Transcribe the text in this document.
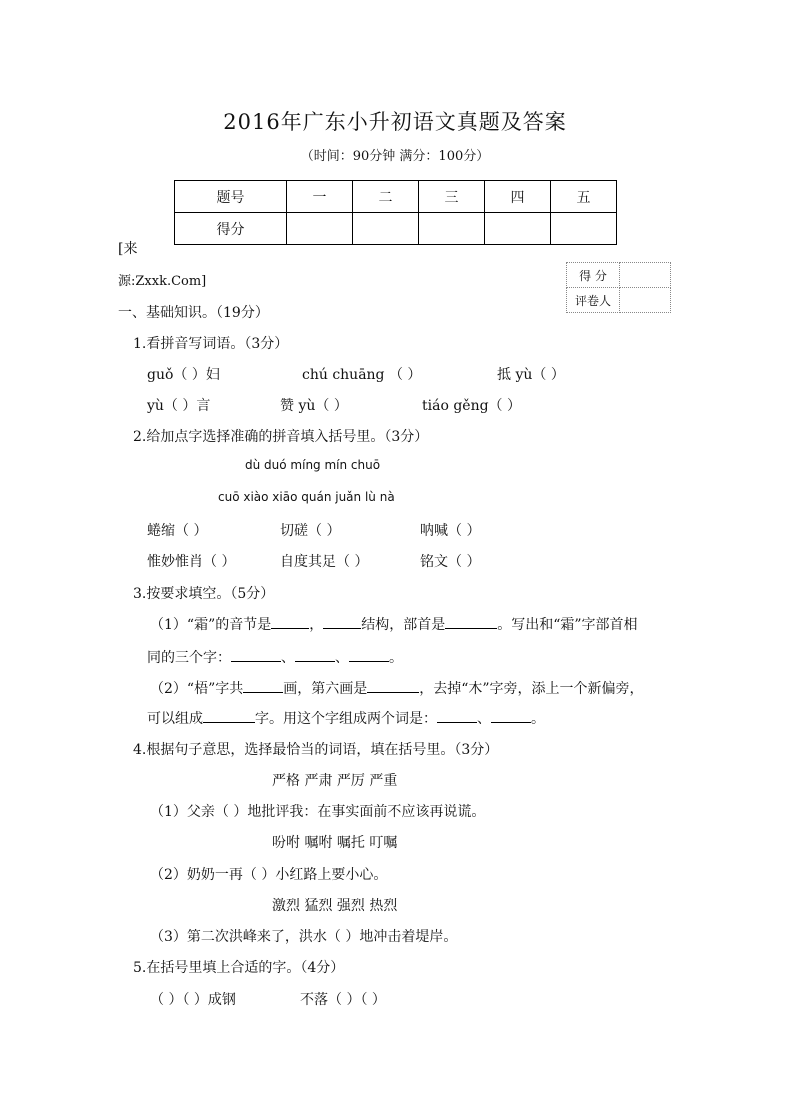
2016年广东小升初语文真题及答案
（时间：90分钟 满分：100分）
题号	一	二	三	四	五
得分					
[来
源:Zxxk.Com]	得 分	
评卷人	
一、基础知识。（19分）
1.看拼音写词语。（3分）
guǒ（ ）妇	chú chuāng （ ）	抵 yù（ ）
yù（ ）言	赞 yù（ ）	tiáo gěng（ ）
2.给加点字选择准确的拼音填入括号里。（3分）
dù duó míng mín chuō
cuō xiào xiāo quán juǎn lù nà
蜷缩（ ）	切磋（ ）	呐喊（ ）
惟妙惟肖（ ）	自度其足（ ）	铭文（ ）
3.按要求填空。（5分）
（1）“霜”的音节是	，	结构，部首是	。写出和“霜”字部首相
同的三个字：	、	、	。
（2）“梧”字共	画，第六画是	，去掉“木”字旁，添上一个新偏旁，
可以组成	字。用这个字组成两个词是：	、	。
4.根据句子意思，选择最恰当的词语，填在括号里。（3分）
严格 严肃 严厉 严重
（1）父亲（ ）地批评我：在事实面前不应该再说谎。
吩咐 嘱咐 嘱托 叮嘱
（2）奶奶一再（ ）小红路上要小心。
激烈 猛烈 强烈 热烈
（3）第二次洪峰来了，洪水（ ）地冲击着堤岸。
5.在括号里填上合适的字。（4分）
（ ）（ ）成钢	不落（ ）（ ）
